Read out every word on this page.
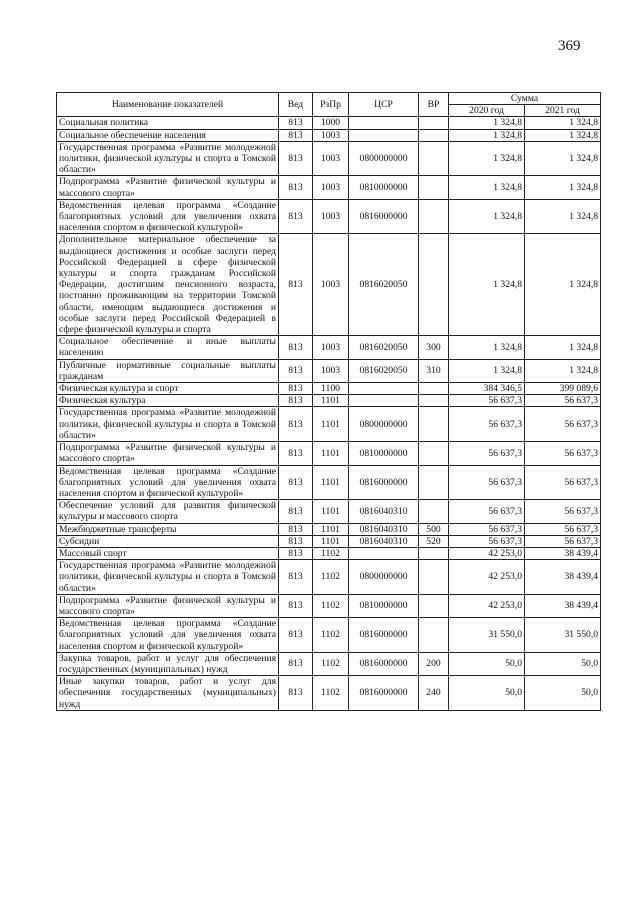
369
Наименование показателей	Вед	РзПр	ЦСР	ВР	Сумма	
					2020 год	2021 год
Социальная политика	813	1000			1 324,8	1 324,8
Социальное обеспечение населения	813	1003			1 324,8	1 324,8
Государственная программа «Развитие молодежной политики, физической культуры и спорта в Томской области»	813	1003	0800000000		1 324,8	1 324,8
Подпрограмма «Развитие физической культуры и массового спорта»	813	1003	0810000000		1 324,8	1 324,8
Ведомственная целевая программа «Создание благоприятных условий для увеличения охвата населения спортом и физической культурой»	813	1003	0816000000		1 324,8	1 324,8
Дополнительное материальное обеспечение за выдающиеся достижения и особые заслуги перед Российской Федерацией в сфере физической культуры и спорта гражданам Российской Федерации, достигшим пенсионного возраста, постоянно проживающим на территории Томской области, имеющим выдающиеся достижения и особые заслуги перед Российской Федерацией в сфере физической культуры и спорта	813	1003	0816020050		1 324,8	1 324,8
Социальное обеспечение и иные выплаты населению	813	1003	0816020050	300	1 324,8	1 324,8
Публичные нормативные социальные выплаты гражданам	813	1003	0816020050	310	1 324,8	1 324,8
Физическая культура и спорт	813	1100			384 346,5	399 089,6
Физическая культура	813	1101			56 637,3	56 637,3
Государственная программа «Развитие молодежной политики, физической культуры и спорта в Томской области»	813	1101	0800000000		56 637,3	56 637,3
Подпрограмма «Развитие физической культуры и массового спорта»	813	1101	0810000000		56 637,3	56 637,3
Ведомственная целевая программа «Создание благоприятных условий для увеличения охвата населения спортом и физической культурой»	813	1101	0816000000		56 637,3	56 637,3
Обеспечение условий для развития физической культуры и массового спорта	813	1101	0816040310		56 637,3	56 637,3
Межбюджетные трансферты	813	1101	0816040310	500	56 637,3	56 637,3
Субсидии	813	1101	0816040310	520	56 637,3	56 637,3
Массовый спорт	813	1102			42 253,0	38 439,4
Государственная программа «Развитие молодежной политики, физической культуры и спорта в Томской области»	813	1102	0800000000		42 253,0	38 439,4
Подпрограмма «Развитие физической культуры и массового спорта»	813	1102	0810000000		42 253,0	38 439,4
Ведомственная целевая программа «Создание благоприятных условий для увеличения охвата населения спортом и физической культурой»	813	1102	0816000000		31 550,0	31 550,0
Закупка товаров, работ и услуг для обеспечения государственных (муниципальных) нужд	813	1102	0816000000	200	50,0	50,0
Иные закупки товаров, работ и услуг для обеспечения государственных (муниципальных) нужд	813	1102	0816000000	240	50,0	50,0
